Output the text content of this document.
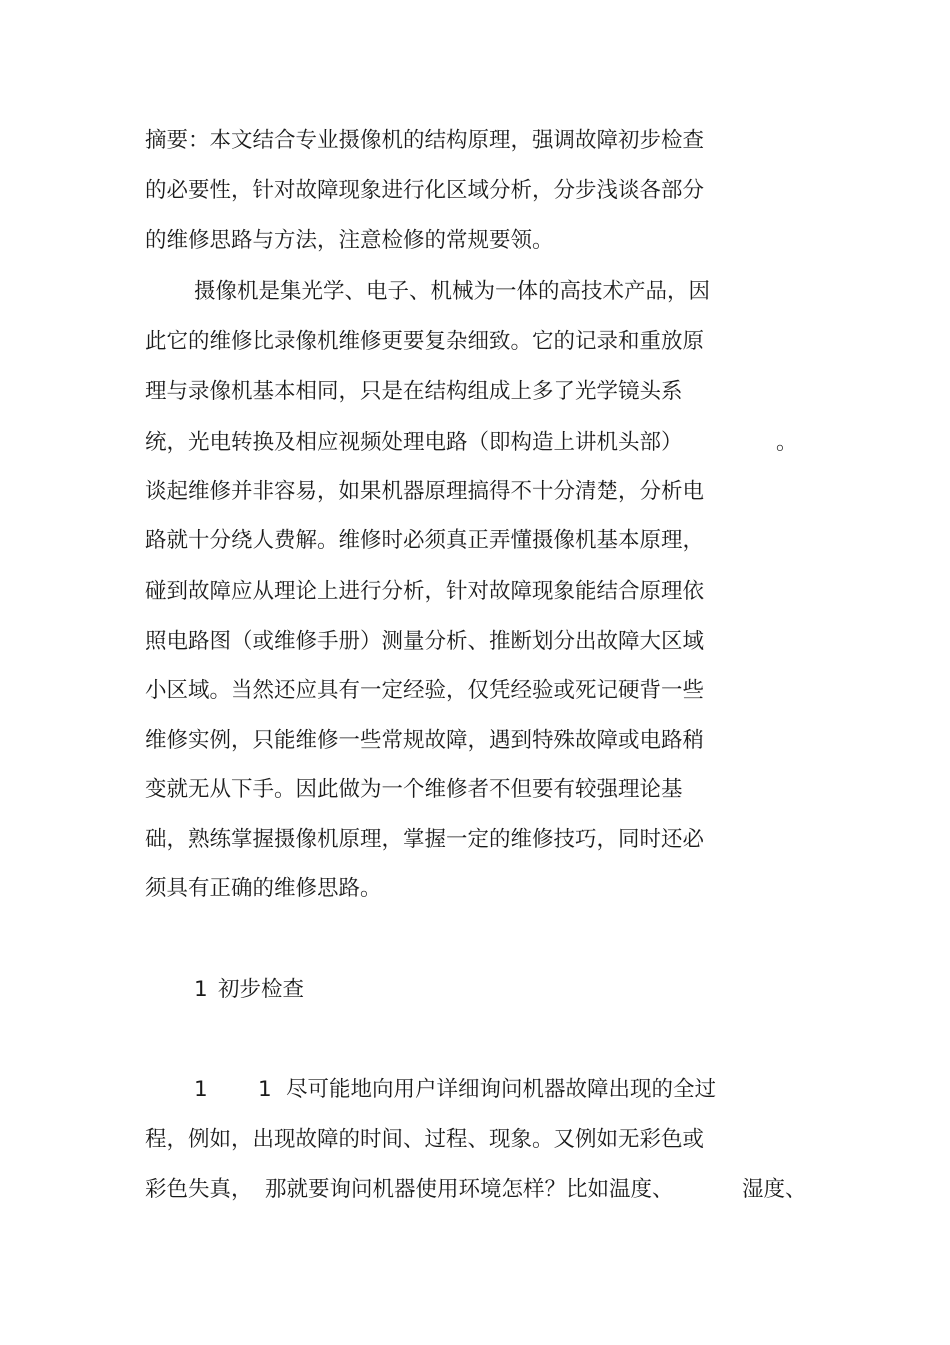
摘要：本文结合专业摄像机的结构原理，强调故障初步检查
的必要性，针对故障现象进行化区域分析，分步浅谈各部分
的维修思路与方法，注意检修的常规要领。
摄像机是集光学、电子、机械为一体的高技术产品，因
此它的维修比录像机维修更要复杂细致。它的记录和重放原
理与录像机基本相同，只是在结构组成上多了光学镜头系
统，光电转换及相应视频处理电路（即构造上讲机头部）	。
谈起维修并非容易，如果机器原理搞得不十分清楚，分析电
路就十分绕人费解。维修时必须真正弄懂摄像机基本原理，
碰到故障应从理论上进行分析，针对故障现象能结合原理依
照电路图（或维修手册）测量分析、推断划分出故障大区域
小区域。当然还应具有一定经验，仅凭经验或死记硬背一些
维修实例，只能维修一些常规故障，遇到特殊故障或电路稍
变就无从下手。因此做为一个维修者不但要有较强理论基
础，熟练掌握摄像机原理，掌握一定的维修技巧，同时还必
须具有正确的维修思路。
1 初步检查
1 1 尽可能地向用户详细询问机器故障出现的全过
程，例如，出现故障的时间、过程、现象。又例如无彩色或
彩色失真， 那就要询问机器使用环境怎样？比如温度、	湿度、
